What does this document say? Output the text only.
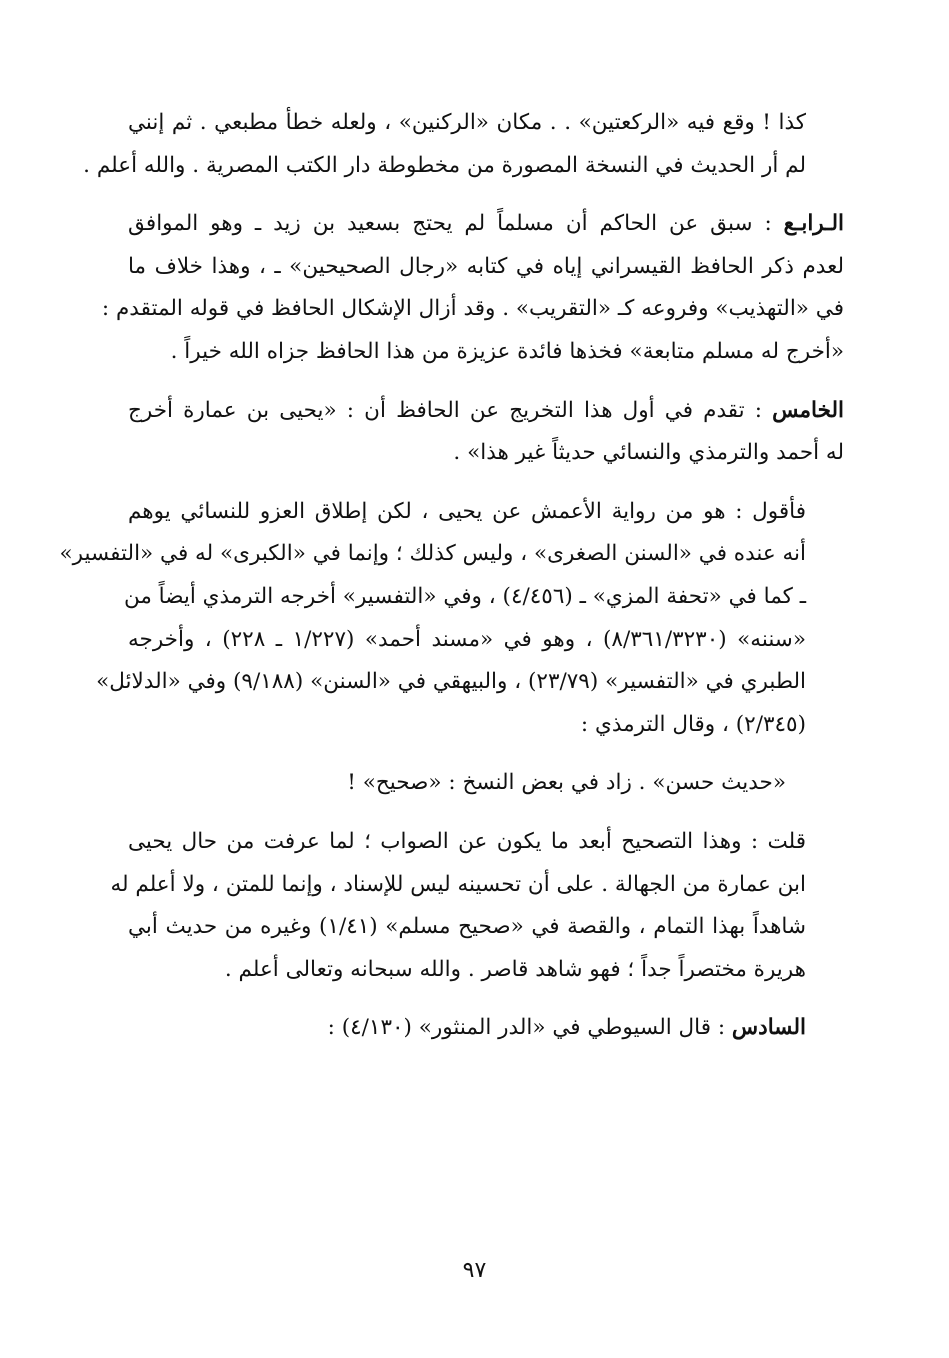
كذا ! وقع فيه «الركعتين» . . مكان «الركنين» ، ولعله خطأ مطبعي . ثم إنني
لم أر الحديث في النسخة المصورة من مخطوطة دار الكتب المصرية . والله أعلم .

الـرابـع : سبق عن الحاكم أن مسلماً لم يحتج بسعيد بن زيد ـ وهو الموافق
لعدم ذكر الحافظ القيسراني إياه في كتابه «رجال الصحيحين» ـ ، وهذا خلاف ما
في «التهذيب» وفروعه كـ «التقريب» . وقد أزال الإشكال الحافظ في قوله المتقدم :
«أخرج له مسلم متابعة» فخذها فائدة عزيزة من هذا الحافظ جزاه الله خيراً .

الخامس : تقدم في أول هذا التخريج عن الحافظ أن : «يحيى بن عمارة أخرج
له أحمد والترمذي والنسائي حديثاً غير هذا» .

فأقول : هو من رواية الأعمش عن يحيى ، لكن إطلاق العزو للنسائي يوهم
أنه عنده في «السنن الصغرى» ، وليس كذلك ؛ وإنما في «الكبرى» له في «التفسير»
ـ كما في «تحفة المزي» ـ (٤/٤٥٦) ، وفي «التفسير» أخرجه الترمذي أيضاً من
«سننه» (٨/٣٦١/٣٢٣٠) ، وهو في «مسند أحمد» (١/٢٢٧ ـ ٢٢٨) ، وأخرجه
الطبري في «التفسير» (٢٣/٧٩) ، والبيهقي في «السنن» (٩/١٨٨) وفي «الدلائل»
(٢/٣٤٥) ، وقال الترمذي :

«حديث حسن» . زاد في بعض النسخ : «صحيح» !

قلت : وهذا التصحيح أبعد ما يكون عن الصواب ؛ لما عرفت من حال يحيى
ابن عمارة من الجهالة . على أن تحسينه ليس للإسناد ، وإنما للمتن ، ولا أعلم له
شاهداً بهذا التمام ، والقصة في «صحيح مسلم» (١/٤١) وغيره من حديث أبي
هريرة مختصراً جداً ؛ فهو شاهد قاصر . والله سبحانه وتعالى أعلم .

السادس : قال السيوطي في «الدر المنثور» (٤/١٣٠) :

٩٧
